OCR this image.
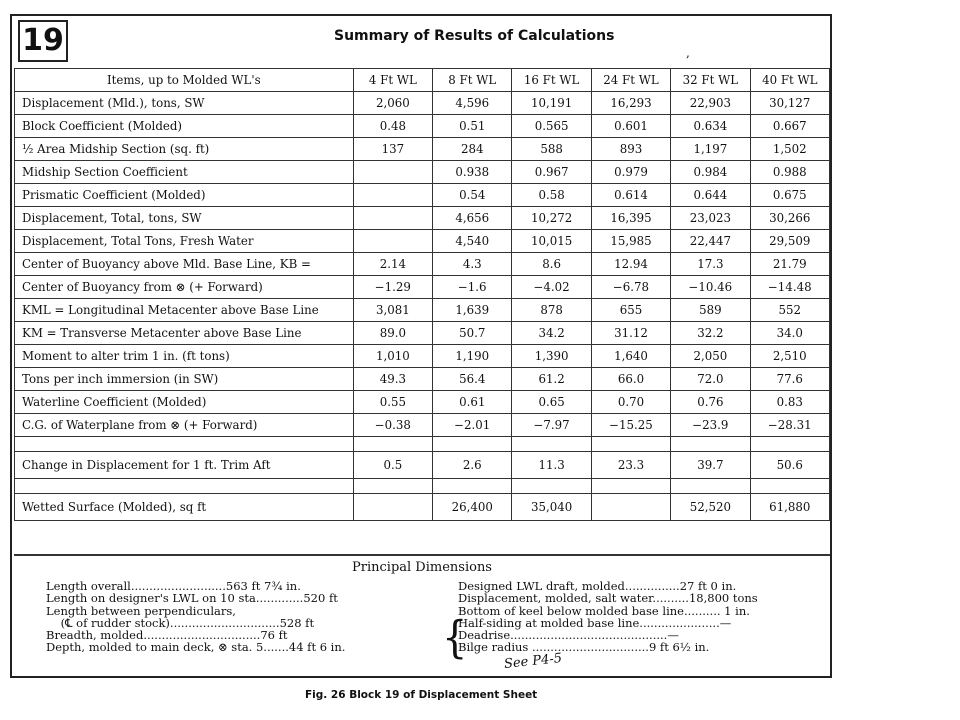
19	Summary of Results of Calculations
,
Items, up to Molded WL's	4 Ft WL	8 Ft WL	16 Ft WL	24 Ft WL	32 Ft WL	40 Ft WL
Displacement (Mld.), tons, SW	2,060	4,596	10,191	16,293	22,903	30,127
Block Coefficient (Molded)	0.48	0.51	0.565	0.601	0.634	0.667
½ Area Midship Section (sq. ft)	137	284	588	893	1,197	1,502
Midship Section Coefficient		0.938	0.967	0.979	0.984	0.988
Prismatic Coefficient (Molded)		0.54	0.58	0.614	0.644	0.675
Displacement, Total, tons, SW		4,656	10,272	16,395	23,023	30,266
Displacement, Total Tons, Fresh Water		4,540	10,015	15,985	22,447	29,509
Center of Buoyancy above Mld. Base Line, KB =	2.14	4.3	8.6	12.94	17.3	21.79
Center of Buoyancy from ⊗ (+ Forward)	−1.29	−1.6	−4.02	−6.78	−10.46	−14.48
KML = Longitudinal Metacenter above Base Line	3,081	1,639	878	655	589	552
KM = Transverse Metacenter above Base Line	89.0	50.7	34.2	31.12	32.2	34.0
Moment to alter trim 1 in. (ft tons)	1,010	1,190	1,390	1,640	2,050	2,510
Tons per inch immersion (in SW)	49.3	56.4	61.2	66.0	72.0	77.6
Waterline Coefficient (Molded)	0.55	0.61	0.65	0.70	0.76	0.83
C.G. of Waterplane from ⊗ (+ Forward)	−0.38	−2.01	−7.97	−15.25	−23.9	−28.31

Change in Displacement for 1 ft. Trim Aft	0.5	2.6	11.3	23.3	39.7	50.6

Wetted Surface (Molded), sq ft		26,400	35,040		52,520	61,880
Principal Dimensions
Length overall..........................563 ft 7¾ in.
Length on designer's LWL on 10 sta.............520 ft
Length between perpendiculars,
(℄ of rudder stock)..............................528 ft
Breadth, molded................................76 ft
Depth, molded to main deck, ⊗ sta. 5.......44 ft 6 in.	{
Designed LWL draft, molded...............27 ft 0 in.
Displacement, molded, salt water..........18,800 tons
Bottom of keel below molded base line.......... 1 in.
Half-siding at molded base line......................—
Deadrise...........................................—
Bilge radius ................................9 ft 6½ in.
See P4-5
Fig. 26 Block 19 of Displacement Sheet
